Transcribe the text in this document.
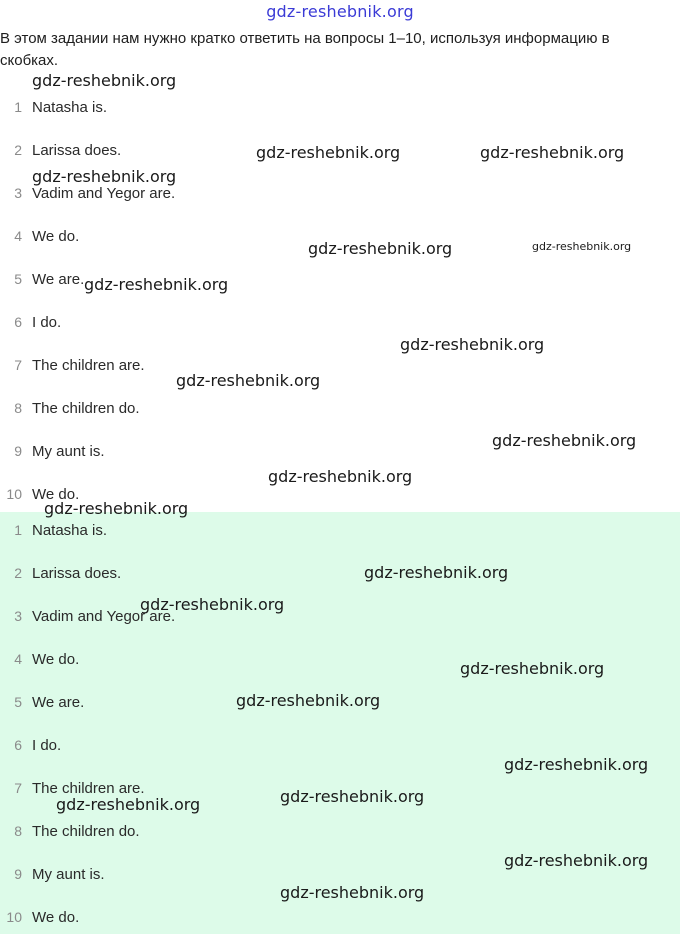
gdz-reshebnik.org
В этом задании нам нужно кратко ответить на вопросы 1–10, используя информацию в скобках.
1 Natasha is.
2 Larissa does.
3 Vadim and Yegor are.
4 We do.
5 We are.
6 I do.
7 The children are.
8 The children do.
9 My aunt is.
10 We do.
1 Natasha is.
2 Larissa does.
3 Vadim and Yegor are.
4 We do.
5 We are.
6 I do.
7 The children are.
8 The children do.
9 My aunt is.
10 We do.
gdz-reshebnik.org
gdz-reshebnik.org	gdz-reshebnik.org
gdz-reshebnik.org
gdz-reshebnik.org	gdz-reshebnik.org
gdz-reshebnik.org
gdz-reshebnik.org
gdz-reshebnik.org
gdz-reshebnik.org
gdz-reshebnik.org
gdz-reshebnik.org
gdz-reshebnik.org
gdz-reshebnik.org
gdz-reshebnik.org
gdz-reshebnik.org
gdz-reshebnik.org
gdz-reshebnik.org
gdz-reshebnik.org
gdz-reshebnik.org
gdz-reshebnik.org
